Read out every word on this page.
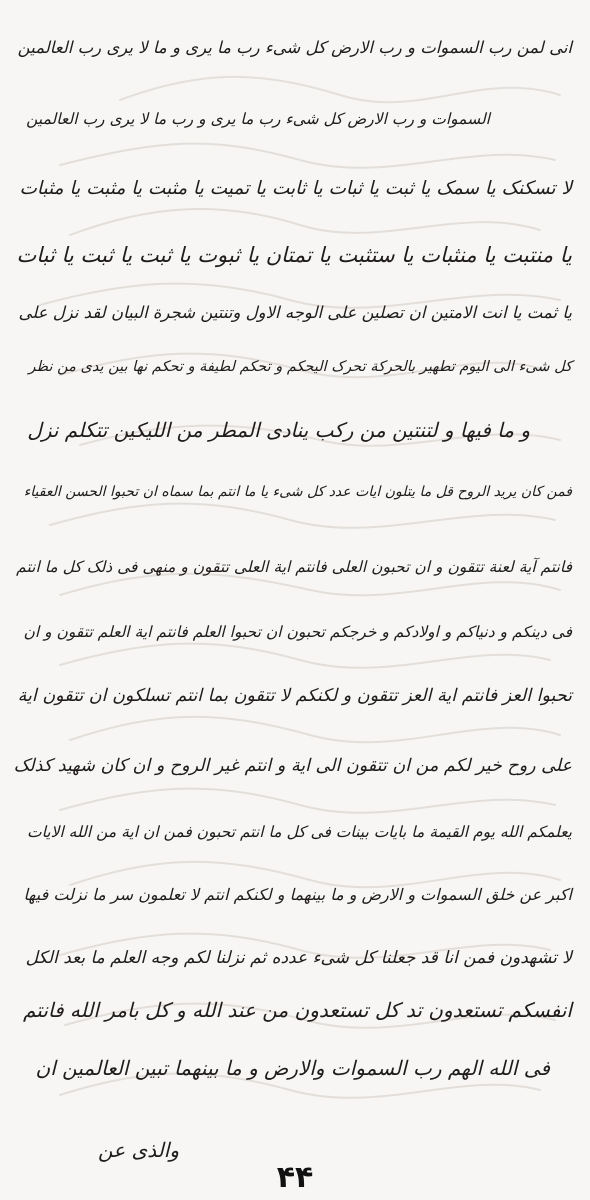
انی لمن رب السموات و رب الارض کل شیء رب ما یری و ما لا یری رب العالمین
السموات و رب الارض کل شیء رب ما یری و رب ما لا یری رب العالمین
لا تسکنک یا سمک یا ثبت یا ثبات یا ثابت یا تمیت یا مثبت یا مثبت یا مثبات
یا منتبت یا منثبات یا ستثبت یا تمتان یا ثبوت یا ثبت یا ثبت یا ثبات
یا ثمت یا انت الامتین ان تصلین علی الوجه الاول وتنتین شجرة البیان لقد نزل علی
کل شیء الی الیوم تطهیر بالحرکة تحرک الیحکم و تحکم لطیفة و تحکم نها بین یدی من نظر
و ما فیها و لتنتین من رکب ینادی المطر من اللیکین تتکلم نزل
فمن کان یرید الروح قل ما یتلون ایات عدد کل شیء یا ما انتم بما سماه ان تحبوا الحسن العقیاء
فانتم آیة لعنة تتقون و ان تحبون العلی فانتم ایة العلی تتقون و منهی فی ذلک کل ما انتم
فی دینکم و دنیاکم و اولادکم و خرجکم تحبون ان تحبوا العلم فانتم ایة العلم تتقون و ان
تحبوا العز فانتم ایة العز تتقون و لکنکم لا تتقون بما انتم تسلکون ان تتقون ایة
علی روح خیر لکم من ان تتقون الی ایة و انتم غیر الروح و ان کان شهید کذلک
یعلمکم الله یوم القیمة ما بایات بینات فی کل ما انتم تحبون فمن ان ایة من الله الایات
اکبر عن خلق السموات و الارض و ما بینهما و لکنکم انتم لا تعلمون سر ما نزلت فیها
لا تشهدون فمن انا قد جعلنا کل شیء عدده ثم نزلنا لکم وجه العلم ما بعد الکل
انفسکم تستعدون تد کل تستعدون من عند الله و کل بامر الله فانتم
فی الله الهم رب السموات والارض و ما بینهما تبین العالمین ان
والذی عن
۴۴
